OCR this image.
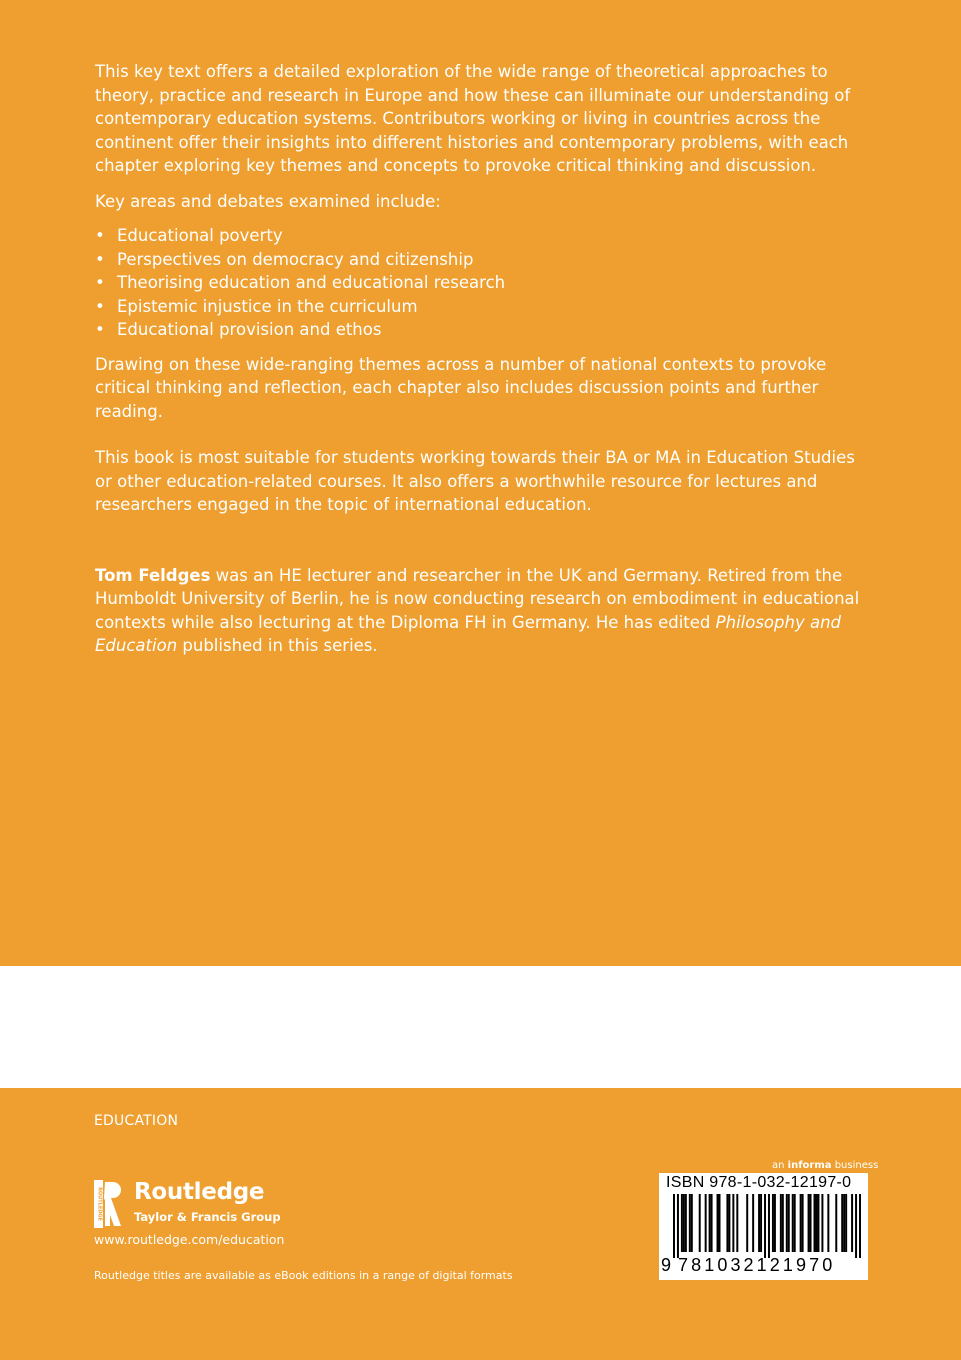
This key text offers a detailed exploration of the wide range of theoretical approaches to theory, practice and research in Europe and how these can illuminate our understanding of contemporary education systems. Contributors working or living in countries across the continent offer their insights into different histories and contemporary problems, with each chapter exploring key themes and concepts to provoke critical thinking and discussion.

Key areas and debates examined include:

• Educational poverty
• Perspectives on democracy and citizenship
• Theorising education and educational research
• Epistemic injustice in the curriculum
• Educational provision and ethos

Drawing on these wide-ranging themes across a number of national contexts to provoke critical thinking and reflection, each chapter also includes discussion points and further reading.

This book is most suitable for students working towards their BA or MA in Education Studies or other education-related courses. It also offers a worthwhile resource for lectures and researchers engaged in the topic of international education.

Tom Feldges was an HE lecturer and researcher in the UK and Germany. Retired from the Humboldt University of Berlin, he is now conducting research on embodiment in educational contexts while also lecturing at the Diploma FH in Germany. He has edited Philosophy and Education published in this series.

EDUCATION
ROUTLEDGE Routledge
Taylor & Francis Group
www.routledge.com/education
Routledge titles are available as eBook editions in a range of digital formats
an informa business
ISBN 978-1-032-12197-0
9 781032121970
